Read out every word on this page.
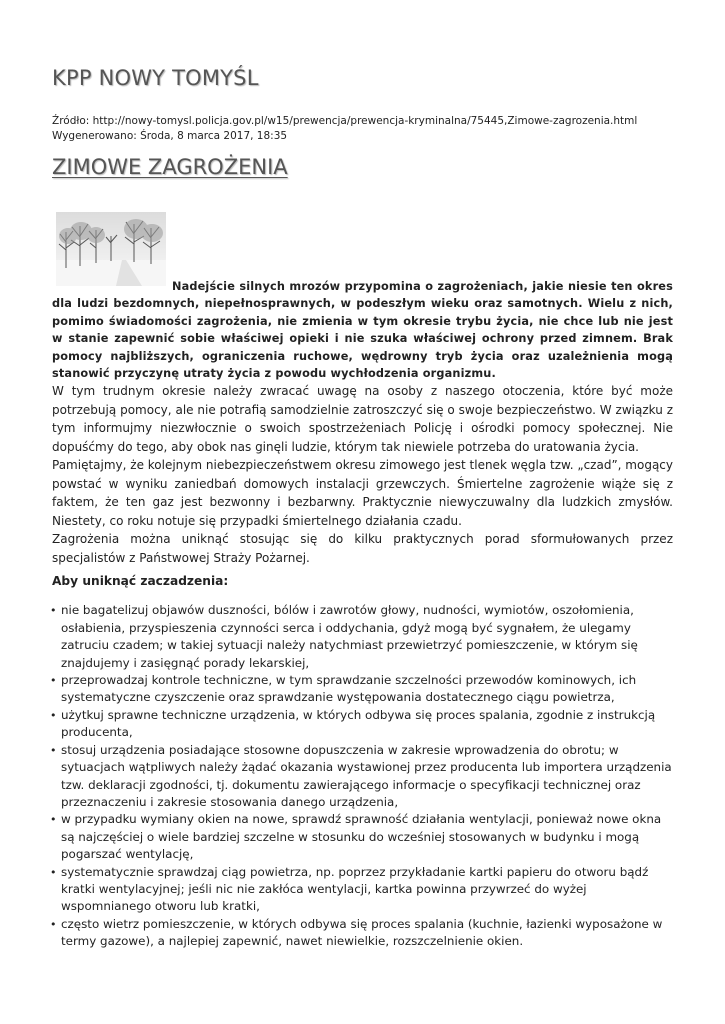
KPP NOWY TOMYŚL
Źródło: http://nowy-tomysl.policja.gov.pl/w15/prewencja/prewencja-kryminalna/75445,Zimowe-zagrozenia.html
Wygenerowano: Środa, 8 marca 2017, 18:35
ZIMOWE ZAGROŻENIA

Nadejście silnych mrozów przypomina o zagrożeniach, jakie niesie ten okres dla ludzi bezdomnych, niepełnosprawnych, w podeszłym wieku oraz samotnych. Wielu z nich, pomimo świadomości zagrożenia, nie zmienia w tym okresie trybu życia, nie chce lub nie jest w stanie zapewnić sobie właściwej opieki i nie szuka właściwej ochrony przed zimnem. Brak pomocy najbliższych, ograniczenia ruchowe, wędrowny tryb życia oraz uzależnienia mogą stanowić przyczynę utraty życia z powodu wychłodzenia organizmu.

W tym trudnym okresie należy zwracać uwagę na osoby z naszego otoczenia, które być może potrzebują pomocy, ale nie potrafią samodzielnie zatroszczyć się o swoje bezpieczeństwo. W związku z tym informujmy niezwłocznie o swoich spostrzeżeniach Policję i ośrodki pomocy społecznej. Nie dopuśćmy do tego, aby obok nas ginęli ludzie, którym tak niewiele potrzeba do uratowania życia.

Pamiętajmy, że kolejnym niebezpieczeństwem okresu zimowego jest tlenek węgla tzw. „czad”, mogący powstać w wyniku zaniedbań domowych instalacji grzewczych. Śmiertelne zagrożenie wiąże się z faktem, że ten gaz jest bezwonny i bezbarwny. Praktycznie niewyczuwalny dla ludzkich zmysłów. Niestety, co roku notuje się przypadki śmiertelnego działania czadu.

Zagrożenia można uniknąć stosując się do kilku praktycznych porad sformułowanych przez specjalistów z Państwowej Straży Pożarnej.

Aby uniknąć zaczadzenia:

• nie bagatelizuj objawów duszności, bólów i zawrotów głowy, nudności, wymiotów, oszołomienia, osłabienia, przyspieszenia czynności serca i oddychania, gdyż mogą być sygnałem, że ulegamy zatruciu czadem; w takiej sytuacji należy natychmiast przewietrzyć pomieszczenie, w którym się znajdujemy i zasięgnąć porady lekarskiej,
• przeprowadzaj kontrole techniczne, w tym sprawdzanie szczelności przewodów kominowych, ich systematyczne czyszczenie oraz sprawdzanie występowania dostatecznego ciągu powietrza,
• użytkuj sprawne techniczne urządzenia, w których odbywa się proces spalania, zgodnie z instrukcją producenta,
• stosuj urządzenia posiadające stosowne dopuszczenia w zakresie wprowadzenia do obrotu; w sytuacjach wątpliwych należy żądać okazania wystawionej przez producenta lub importera urządzenia tzw. deklaracji zgodności, tj. dokumentu zawierającego informacje o specyfikacji technicznej oraz przeznaczeniu i zakresie stosowania danego urządzenia,
• w przypadku wymiany okien na nowe, sprawdź sprawność działania wentylacji, ponieważ nowe okna są najczęściej o wiele bardziej szczelne w stosunku do wcześniej stosowanych w budynku i mogą pogarszać wentylację,
• systematycznie sprawdzaj ciąg powietrza, np. poprzez przykładanie kartki papieru do otworu bądź kratki wentylacyjnej; jeśli nic nie zakłóca wentylacji, kartka powinna przywrzeć do wyżej wspomnianego otworu lub kratki,
• często wietrz pomieszczenie, w których odbywa się proces spalania (kuchnie, łazienki wyposażone w termy gazowe), a najlepiej zapewnić, nawet niewielkie, rozszczelnienie okien.
